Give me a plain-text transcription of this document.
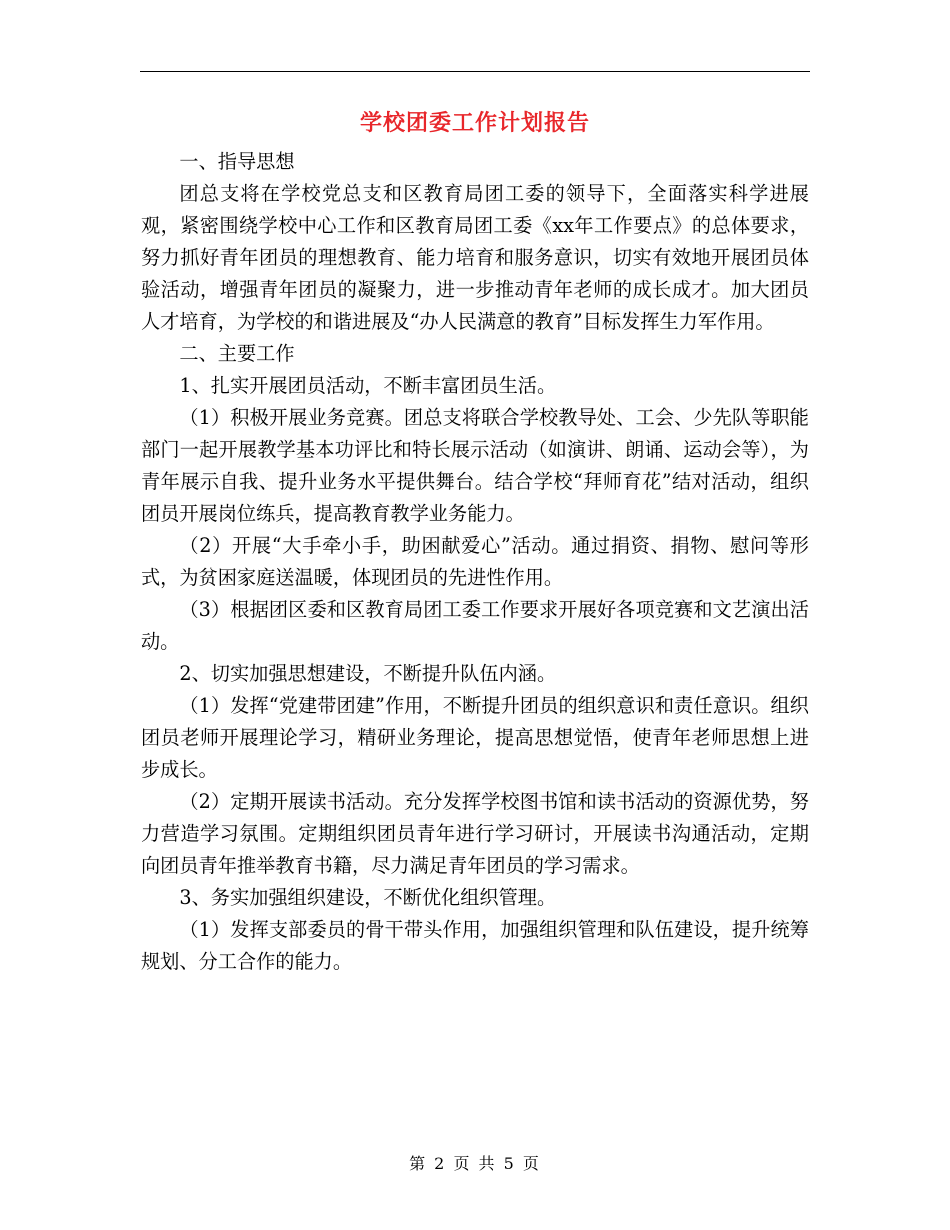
学校团委工作计划报告

一、指导思想

团总支将在学校党总支和区教育局团工委的领导下，全面落实科学进展观，紧密围绕学校中心工作和区教育局团工委《xx年工作要点》的总体要求，努力抓好青年团员的理想教育、能力培育和服务意识，切实有效地开展团员体验活动，增强青年团员的凝聚力，进一步推动青年老师的成长成才。加大团员人才培育，为学校的和谐进展及“办人民满意的教育”目标发挥生力军作用。

二、主要工作

1、扎实开展团员活动，不断丰富团员生活。

（1）积极开展业务竞赛。团总支将联合学校教导处、工会、少先队等职能部门一起开展教学基本功评比和特长展示活动（如演讲、朗诵、运动会等），为青年展示自我、提升业务水平提供舞台。结合学校“拜师育花”结对活动，组织团员开展岗位练兵，提高教育教学业务能力。

（2）开展“大手牵小手，助困献爱心”活动。通过捐资、捐物、慰问等形式，为贫困家庭送温暖，体现团员的先进性作用。

（3）根据团区委和区教育局团工委工作要求开展好各项竞赛和文艺演出活动。

2、切实加强思想建设，不断提升队伍内涵。

（1）发挥“党建带团建”作用，不断提升团员的组织意识和责任意识。组织团员老师开展理论学习，精研业务理论，提高思想觉悟，使青年老师思想上进步成长。

（2）定期开展读书活动。充分发挥学校图书馆和读书活动的资源优势，努力营造学习氛围。定期组织团员青年进行学习研讨，开展读书沟通活动，定期向团员青年推举教育书籍，尽力满足青年团员的学习需求。

3、务实加强组织建设，不断优化组织管理。

（1）发挥支部委员的骨干带头作用，加强组织管理和队伍建设，提升统筹规划、分工合作的能力。

第 2 页 共 5 页
